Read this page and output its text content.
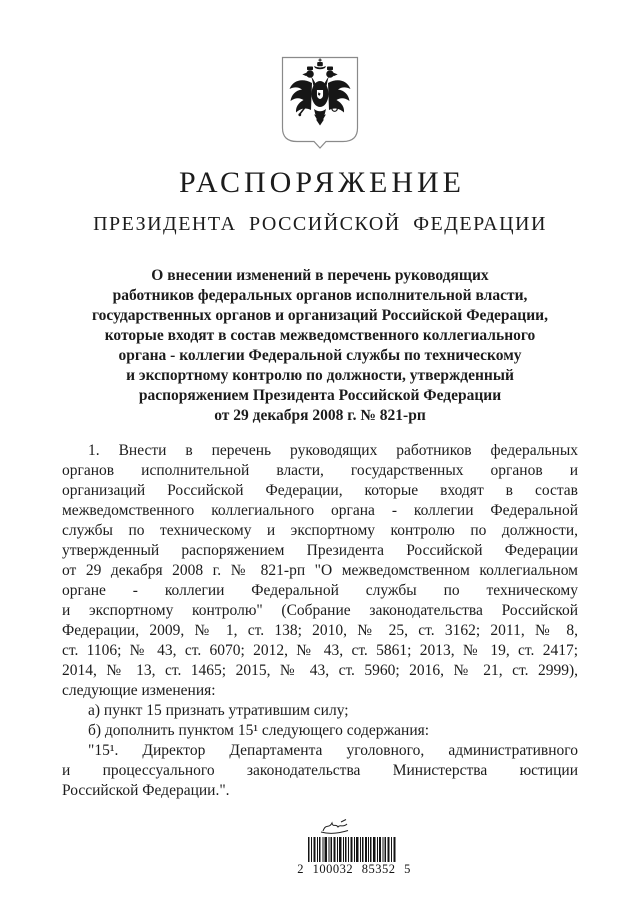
РАСПОРЯЖЕНИЕ
ПРЕЗИДЕНТА РОССИЙСКОЙ ФЕДЕРАЦИИ
О внесении изменений в перечень руководящих
работников федеральных органов исполнительной власти,
государственных органов и организаций Российской Федерации,
которые входят в состав межведомственного коллегиального
органа - коллегии Федеральной службы по техническому
и экспортному контролю по должности, утвержденный
распоряжением Президента Российской Федерации
от 29 декабря 2008 г. № 821-рп
1. Внести в перечень руководящих работников федеральных
органов исполнительной власти, государственных органов и
организаций Российской Федерации, которые входят в состав
межведомственного коллегиального органа - коллегии Федеральной
службы по техническому и экспортному контролю по должности,
утвержденный распоряжением Президента Российской Федерации
от 29 декабря 2008 г. № 821-рп "О межведомственном коллегиальном
органе - коллегии Федеральной службы по техническому
и экспортному контролю" (Собрание законодательства Российской
Федерации, 2009, № 1, ст. 138; 2010, № 25, ст. 3162; 2011, № 8,
ст. 1106; № 43, ст. 6070; 2012, № 43, ст. 5861; 2013, № 19, ст. 2417;
2014, № 13, ст. 1465; 2015, № 43, ст. 5960; 2016, № 21, ст. 2999),
следующие изменения:
а) пункт 15 признать утратившим силу;
б) дополнить пунктом 15¹ следующего содержания:
"15¹. Директор Департамента уголовного, административного
и процессуального законодательства Министерства юстиции
Российской Федерации.".
2 100032 85352 5
